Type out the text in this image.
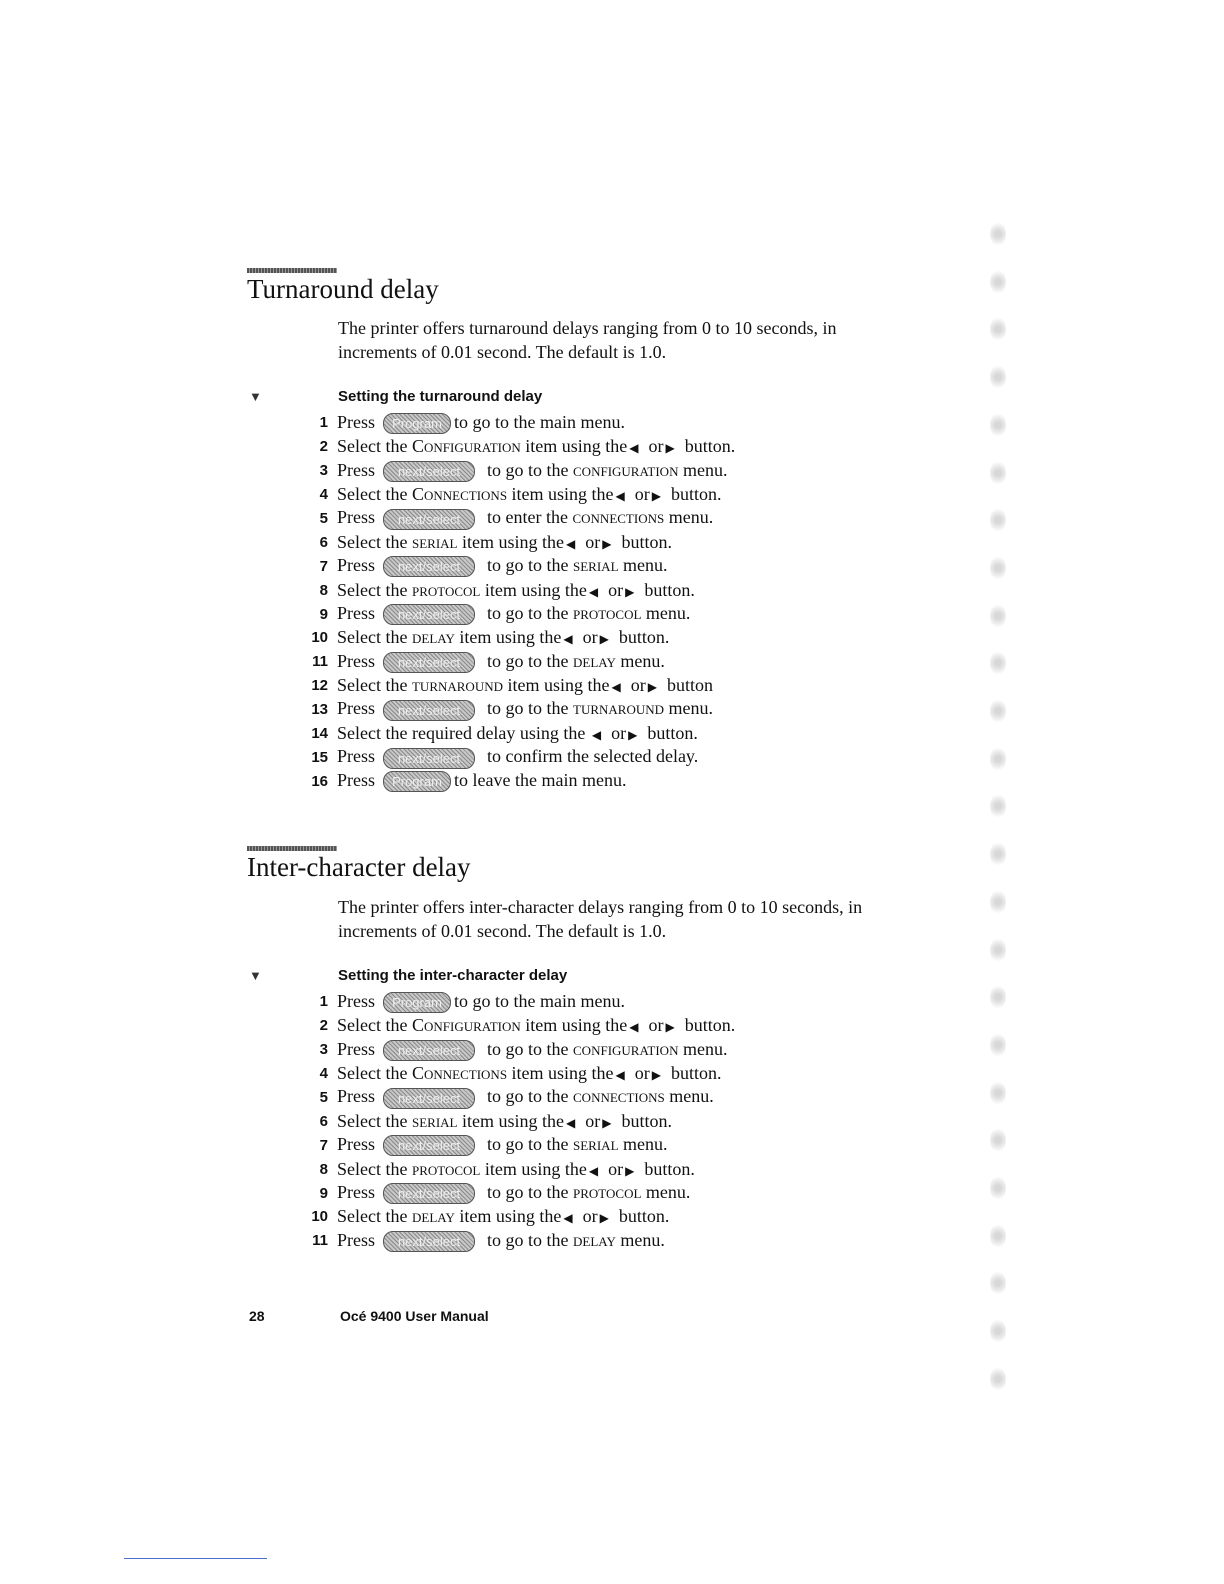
Turnaround delay

The printer offers turnaround delays ranging from 0 to 10 seconds, in increments of 0.01 second. The default is 1.0.

▼	Setting the turnaround delay
1 Press Program to go to the main menu.
2 Select the Configuration item using the ◀ or ▶ button.
3 Press next/select to go to the configuration menu.
4 Select the Connections item using the ◀ or ▶ button.
5 Press next/select to enter the connections menu.
6 Select the serial item using the ◀ or ▶ button.
7 Press next/select to go to the serial menu.
8 Select the protocol item using the ◀ or ▶ button.
9 Press next/select to go to the protocol menu.
10 Select the delay item using the ◀ or ▶ button.
11 Press next/select to go to the delay menu.
12 Select the turnaround item using the ◀ or ▶ button
13 Press next/select to go to the turnaround menu.
14 Select the required delay using the ◀ or ▶ button.
15 Press next/select to confirm the selected delay.
16 Press Program to leave the main menu.
Inter-character delay

The printer offers inter-character delays ranging from 0 to 10 seconds, in increments of 0.01 second. The default is 1.0.

▼	Setting the inter-character delay
1 Press Program to go to the main menu.
2 Select the Configuration item using the ◀ or ▶ button.
3 Press next/select to go to the configuration menu.
4 Select the Connections item using the ◀ or ▶ button.
5 Press next/select to go to the connections menu.
6 Select the serial item using the ◀ or ▶ button.
7 Press next/select to go to the serial menu.
8 Select the protocol item using the ◀ or ▶ button.
9 Press next/select to go to the protocol menu.
10 Select the delay item using the ◀ or ▶ button.
11 Press next/select to go to the delay menu.
28	Océ 9400 User Manual
